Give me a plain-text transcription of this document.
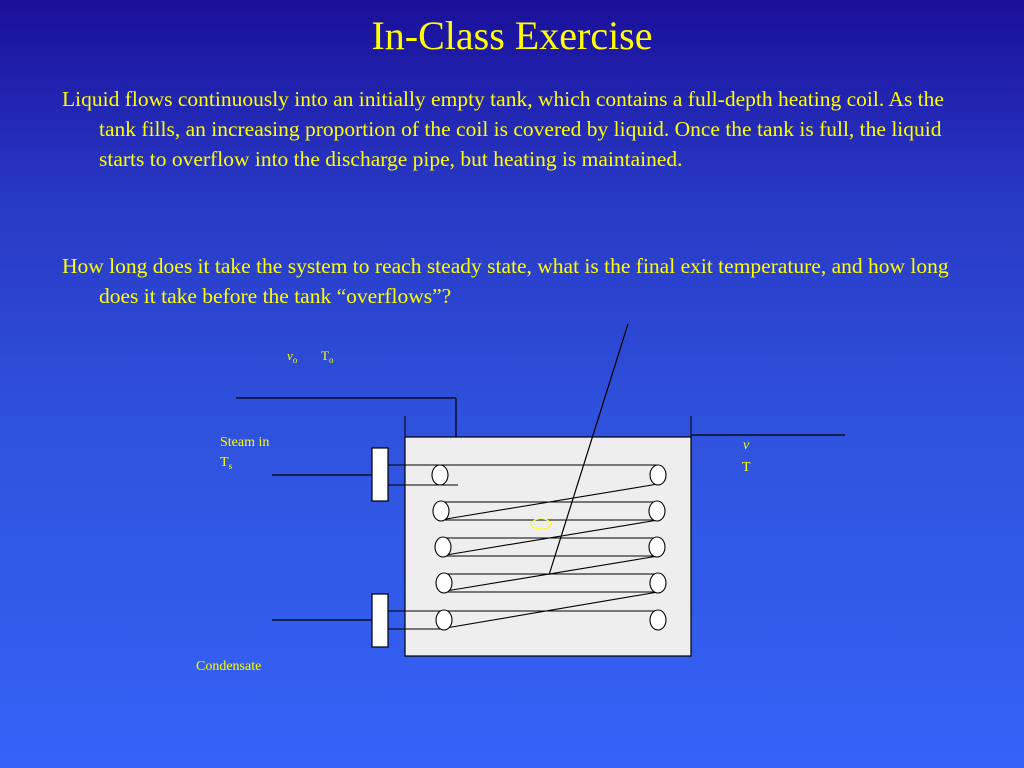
In-Class Exercise
Liquid flows continuously into an initially empty tank, which contains a full-depth heating coil. As the tank fills, an increasing proportion of the coil is covered by liquid. Once the tank is full, the liquid starts to overflow into the discharge pipe, but heating is maintained.
How long does it take the system to reach steady state, what is the final exit temperature, and how long does it take before the tank “overflows”?
$v_o$ $T_o$
Steam in
$T_s$
v
T
Condensate
